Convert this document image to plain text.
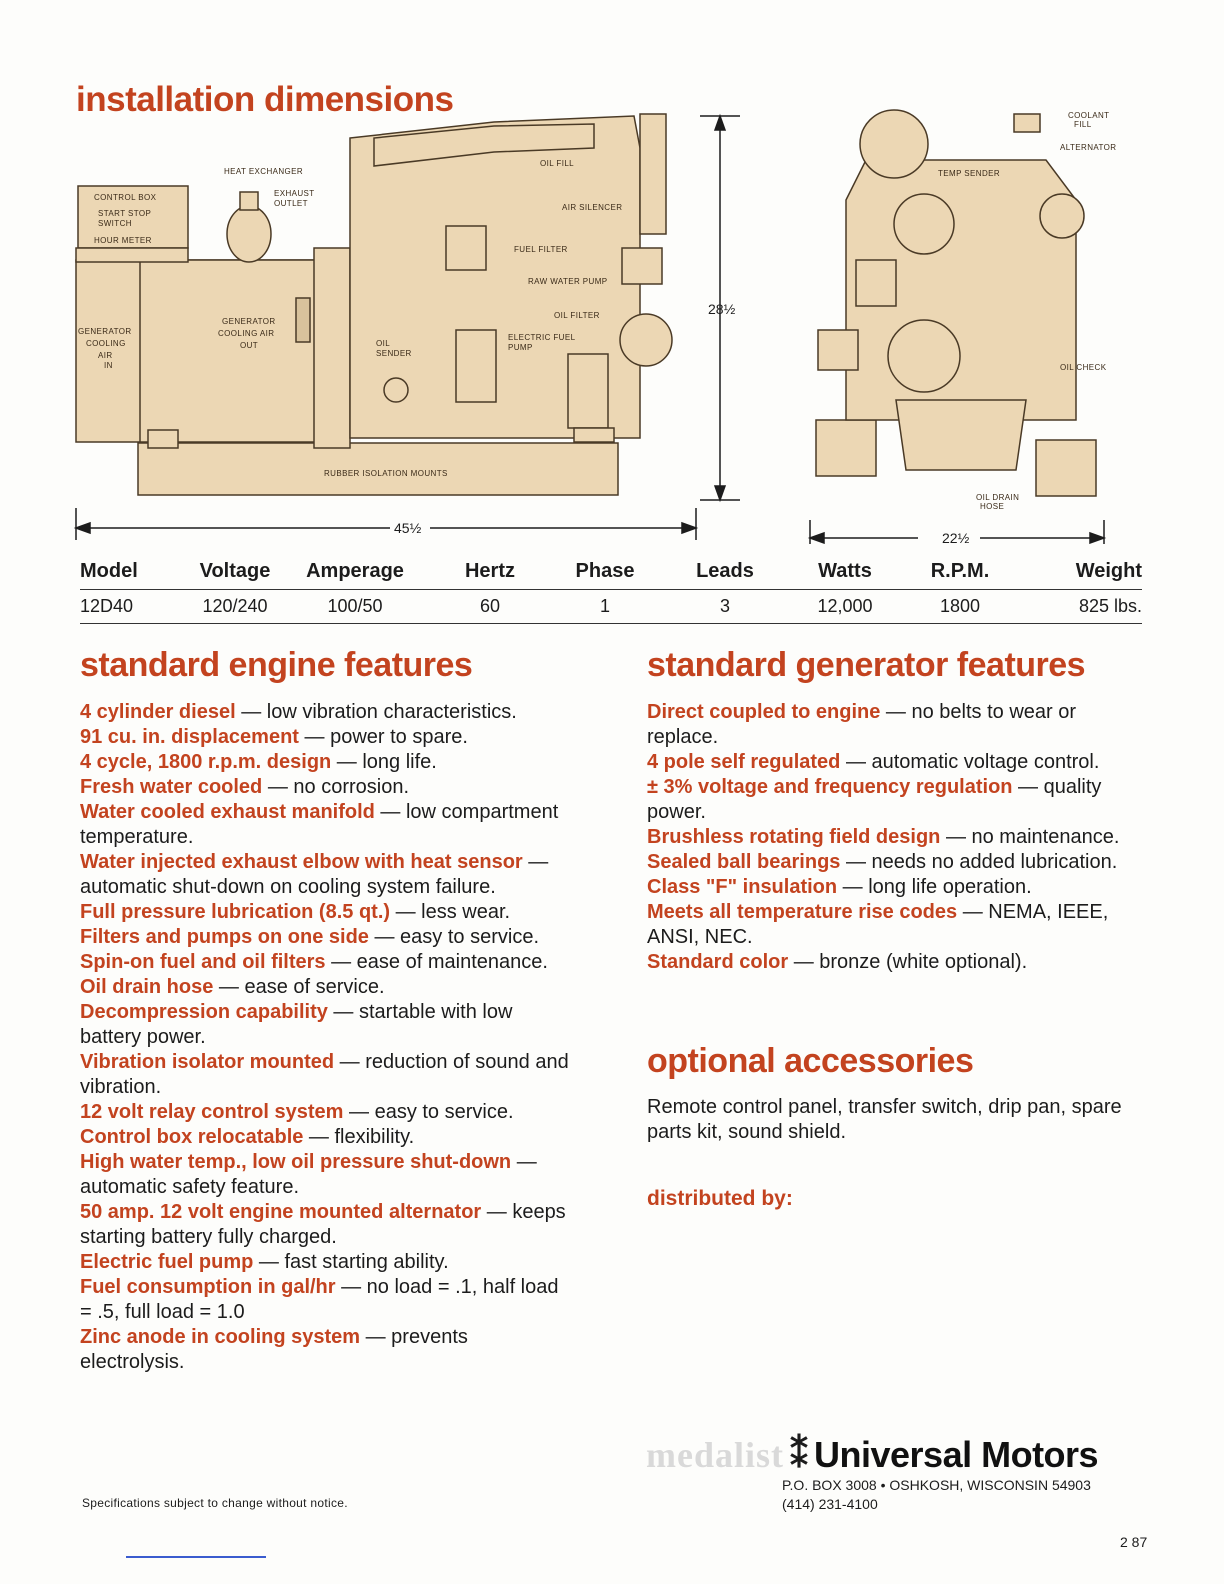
installation dimensions
28½
45½
HEAT EXCHANGER
EXHAUST
OUTLET
CONTROL BOX
START STOP
SWITCH
HOUR METER
OIL FILL
AIR SILENCER
FUEL FILTER
RAW WATER PUMP
OIL FILTER
ELECTRIC FUEL
PUMP
GENERATOR
COOLING AIR
OUT
GENERATOR
COOLING
AIR
IN
OIL
SENDER
RUBBER ISOLATION MOUNTS
22½
COOLANT
FILL
ALTERNATOR
TEMP SENDER
OIL CHECK
OIL DRAIN
HOSE
Model	Voltage	Amperage	Hertz	Phase	Leads	Watts	R.P.M.	Weight
12D40	120/240	100/50	60	1	3	12,000	1800	825 lbs.
standard engine features
4 cylinder diesel — low vibration characteristics.
91 cu. in. displacement — power to spare.
4 cycle, 1800 r.p.m. design — long life.
Fresh water cooled — no corrosion.
Water cooled exhaust manifold — low compartment temperature.
Water injected exhaust elbow with heat sensor — automatic shut-down on cooling system failure.
Full pressure lubrication (8.5 qt.) — less wear.
Filters and pumps on one side — easy to service.
Spin-on fuel and oil filters — ease of maintenance.
Oil drain hose — ease of service.
Decompression capability — startable with low battery power.
Vibration isolator mounted — reduction of sound and vibration.
12 volt relay control system — easy to service.
Control box relocatable — flexibility.
High water temp., low oil pressure shut-down — automatic safety feature.
50 amp. 12 volt engine mounted alternator — keeps starting battery fully charged.
Electric fuel pump — fast starting ability.
Fuel consumption in gal/hr — no load = .1, half load = .5, full load = 1.0
Zinc anode in cooling system — prevents electrolysis.
standard generator features
Direct coupled to engine — no belts to wear or replace.
4 pole self regulated — automatic voltage control.
± 3% voltage and frequency regulation — quality power.
Brushless rotating field design — no maintenance.
Sealed ball bearings — needs no added lubrication.
Class "F" insulation — long life operation.
Meets all temperature rise codes — NEMA, IEEE, ANSI, NEC.
Standard color — bronze (white optional).
optional accessories

Remote control panel, transfer switch, drip pan, spare parts kit, sound shield.

distributed by:
Specifications subject to change without notice.
medalist ⁑ Universal Motors
P.O. BOX 3008 • OSHKOSH, WISCONSIN 54903
(414) 231-4100
2 87
